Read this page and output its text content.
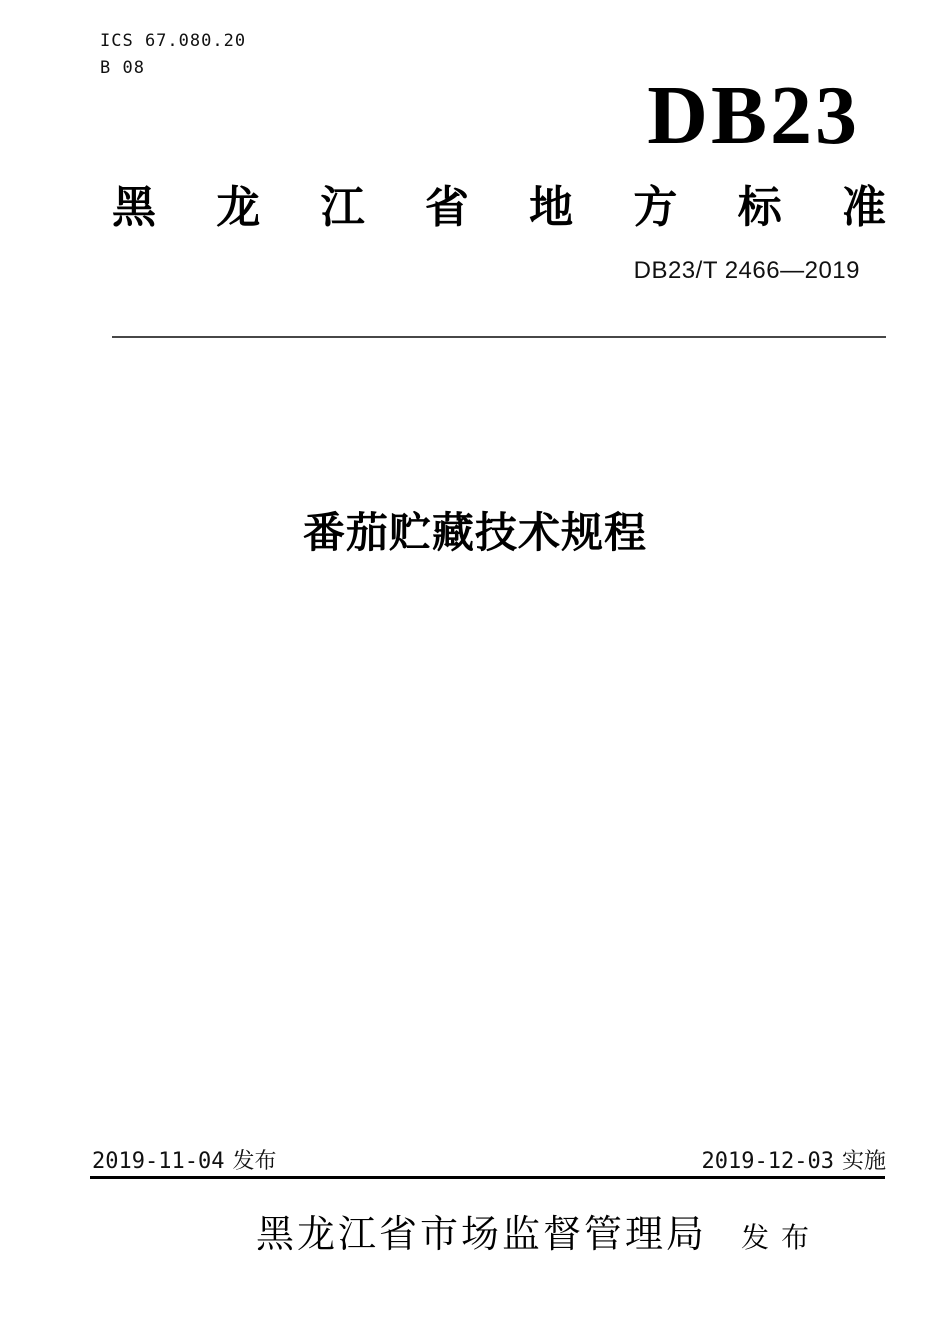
ICS 67.080.20
B 08
DB23
黑 龙 江 省 地 方 标 准
DB23/T 2466—2019
番茄贮藏技术规程
2019-11-04 发布	2019-12-03 实施
黑龙江省市场监督管理局 发布
